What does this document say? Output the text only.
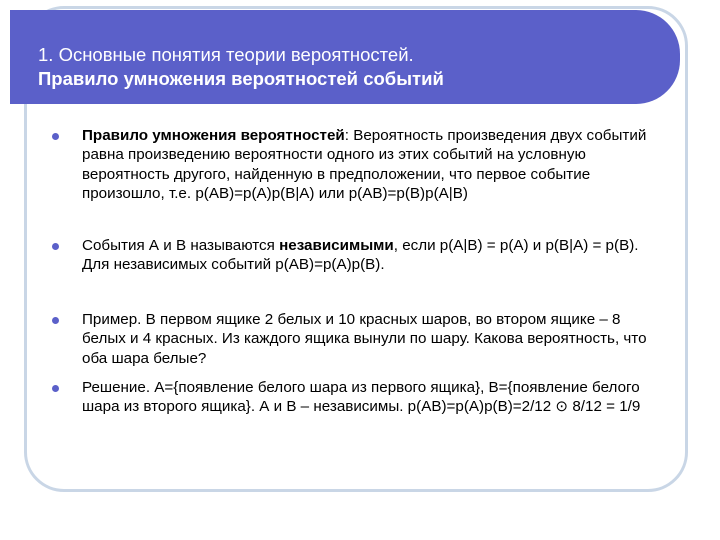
1. Основные понятия теории вероятностей.
Правило умножения вероятностей событий
Правило умножения вероятностей: Вероятность произведения двух событий равна произведению вероятности одного из этих событий на условную вероятность другого, найденную в предположении, что первое событие произошло, т.е. р(АВ)=р(А)р(В|А) или р(АВ)=р(В)р(А|В)
События А и В называются независимыми, если р(А|В) = р(А) и р(В|А) = р(В). Для независимых событий р(АВ)=р(А)р(В).
Пример. В первом ящике 2 белых и 10 красных шаров, во втором ящике – 8 белых и 4 красных. Из каждого ящика вынули по шару. Какова вероятность, что оба шара белые?
Решение. А={появление белого шара из первого ящика}, В={появление белого шара из второго ящика}. А и В – независимы. р(АВ)=р(А)р(В)=2/12 ⊙ 8/12 = 1/9
